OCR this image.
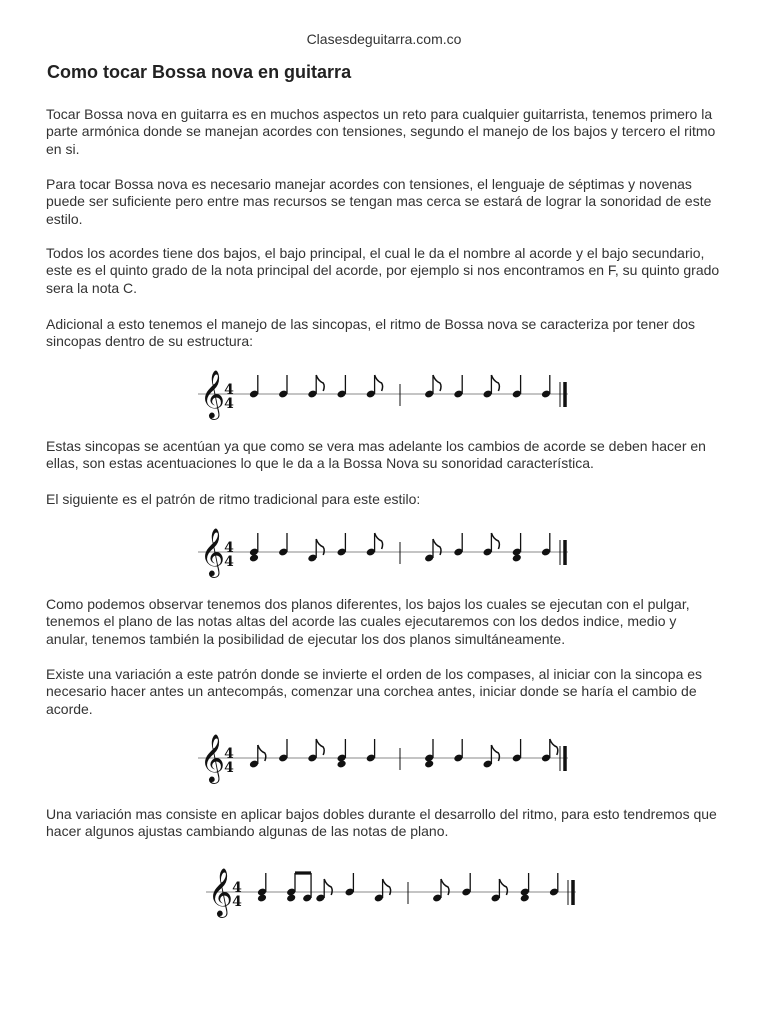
Clasesdeguitarra.com.co
Como tocar Bossa nova en guitarra

Tocar Bossa nova en guitarra es en muchos aspectos un reto para cualquier guitarrista, tenemos primero la parte armónica donde se manejan acordes con tensiones, segundo el manejo de los bajos y tercero el ritmo en si.

Para tocar Bossa nova es necesario manejar acordes con tensiones, el lenguaje de séptimas y novenas puede ser suficiente pero entre mas recursos se tengan mas cerca se estará de lograr la sonoridad de este estilo.

Todos los acordes tiene dos bajos, el bajo principal, el cual le da el nombre al acorde y el bajo secundario, este es el quinto grado de la nota principal del acorde, por ejemplo si nos encontramos en F, su quinto grado sera la nota C.

Adicional a esto tenemos el manejo de las sincopas, el ritmo de Bossa nova se caracteriza por tener dos sincopas dentro de su estructura:

𝄞 4
4

Estas sincopas se acentúan ya que como se vera mas adelante los cambios de acorde se deben hacer en ellas, son estas acentuaciones lo que le da a la Bossa Nova su sonoridad característica.

El siguiente es el patrón de ritmo tradicional para este estilo:

𝄞 4
4

Como podemos observar tenemos dos planos diferentes, los bajos los cuales se ejecutan con el pulgar, tenemos el plano de las notas altas del acorde las cuales ejecutaremos con los dedos indice, medio y anular, tenemos también la posibilidad de ejecutar los dos planos simultáneamente.

Existe una variación a este patrón donde se invierte el orden de los compases, al iniciar con la sincopa es necesario hacer antes un antecompás, comenzar una corchea antes, iniciar donde se haría el cambio de acorde.

𝄞 4
4

Una variación mas consiste en aplicar bajos dobles durante el desarrollo del ritmo, para esto tendremos que hacer algunos ajustas cambiando algunas de las notas de plano.

𝄞 4
4
